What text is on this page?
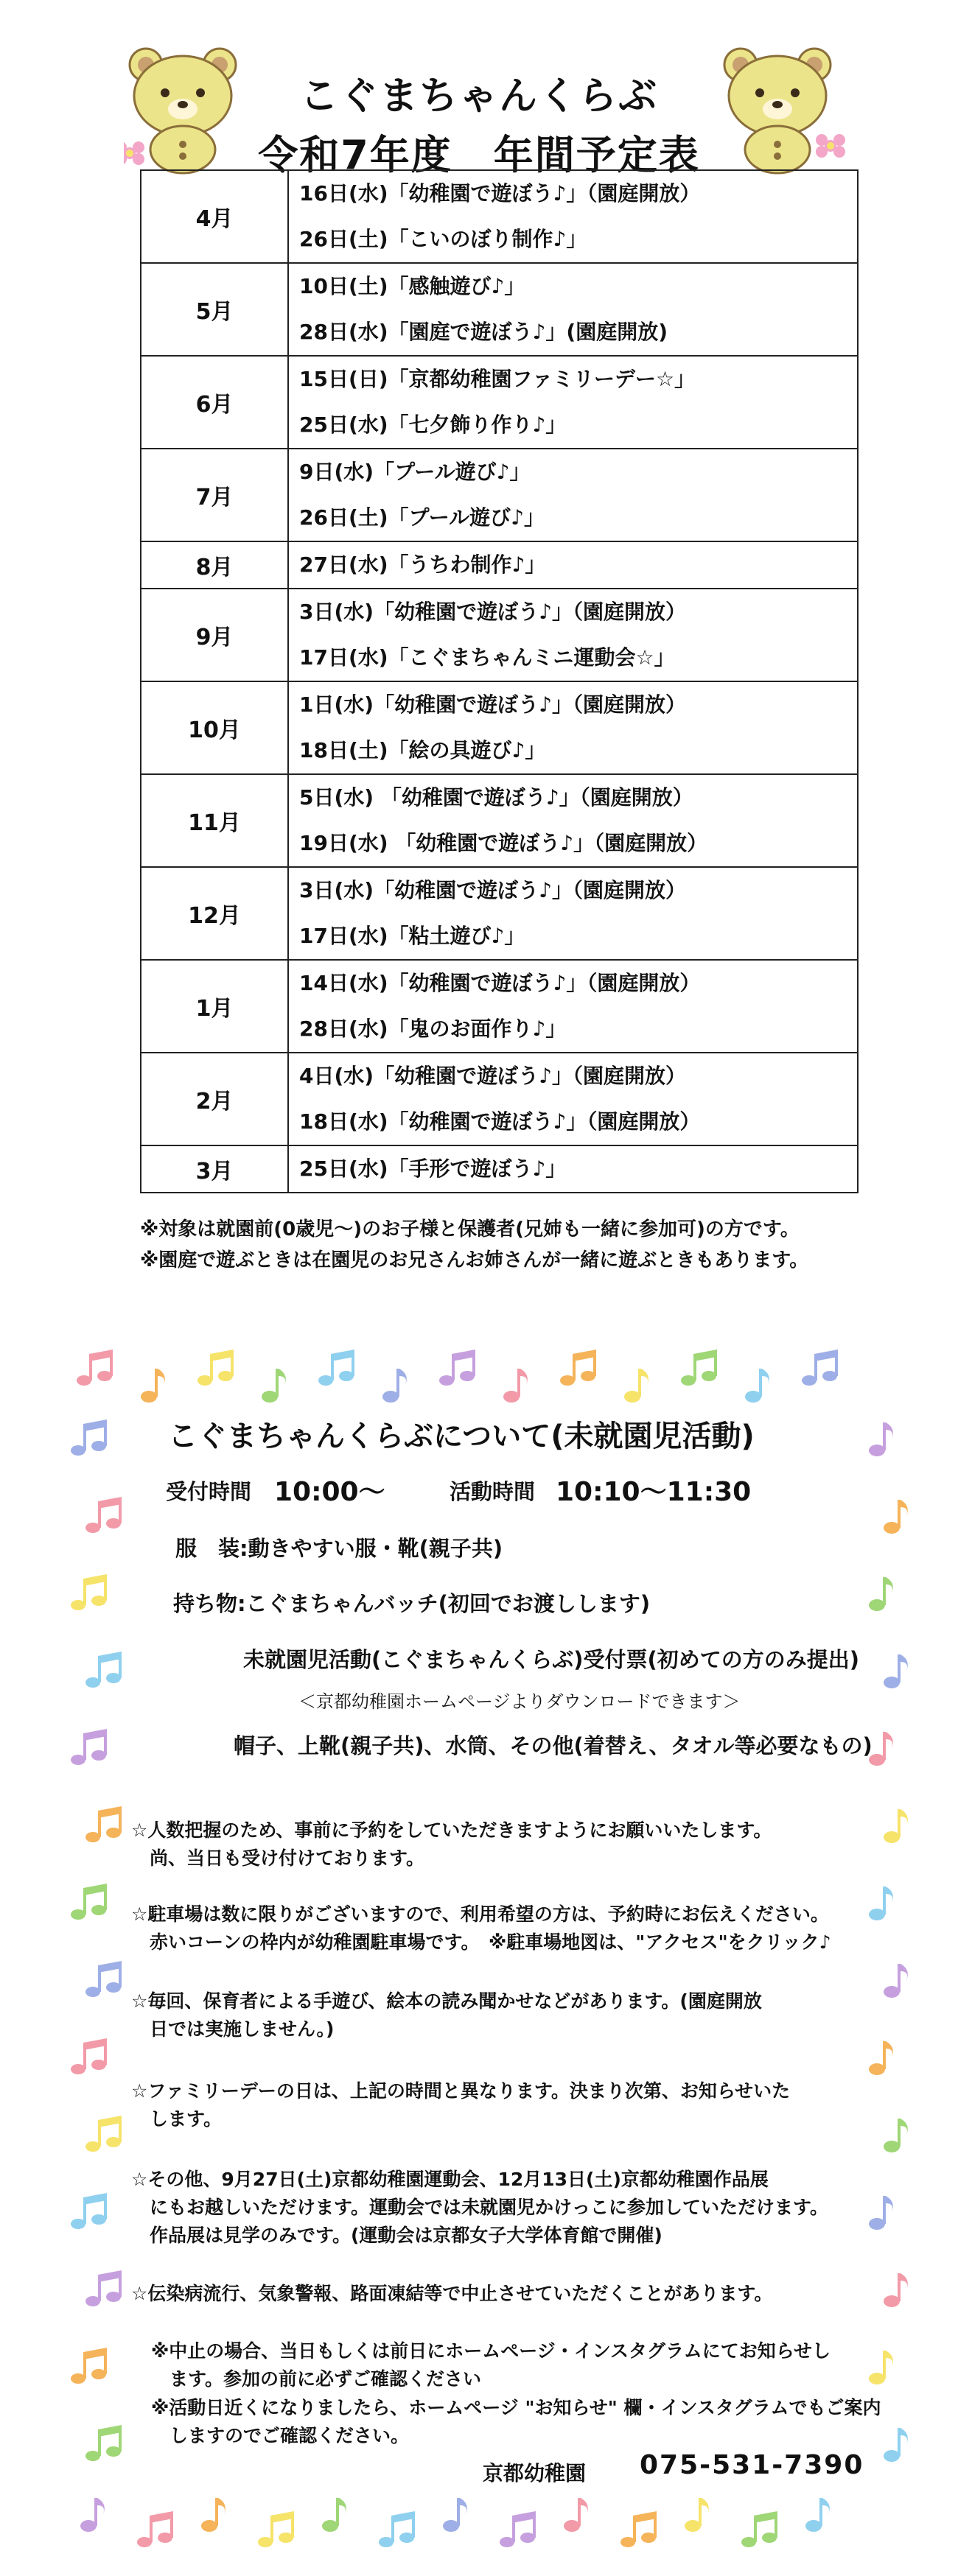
こぐまちゃんくらぶ
令和7年度　年間予定表
4月	16日(水)「幼稚園で遊ぼう♪」（園庭開放）
26日(土)「こいのぼり制作♪」

5月	10日(土)「感触遊び♪」
28日(水)「園庭で遊ぼう♪」(園庭開放)

6月	15日(日)「京都幼稚園ファミリーデー☆」
25日(水)「七夕飾り作り♪」

7月	9日(水)「プール遊び♪」
26日(土)「プール遊び♪」

8月	27日(水)「うちわ制作♪」

9月	3日(水)「幼稚園で遊ぼう♪」（園庭開放）
17日(水)「こぐまちゃんミニ運動会☆」

10月	1日(水)「幼稚園で遊ぼう♪」（園庭開放）
18日(土)「絵の具遊び♪」

11月	5日(水) 「幼稚園で遊ぼう♪」（園庭開放）
19日(水) 「幼稚園で遊ぼう♪」（園庭開放）

12月	3日(水)「幼稚園で遊ぼう♪」（園庭開放）
17日(水)「粘土遊び♪」

1月	14日(水)「幼稚園で遊ぼう♪」（園庭開放）
28日(水)「鬼のお面作り♪」

2月	4日(水)「幼稚園で遊ぼう♪」（園庭開放）
18日(水)「幼稚園で遊ぼう♪」（園庭開放）

3月	25日(水)「手形で遊ぼう♪」
※対象は就園前(0歳児～)のお子様と保護者(兄姉も一緒に参加可)の方です。
※園庭で遊ぶときは在園児のお兄さんお姉さんが一緒に遊ぶときもあります。
こぐまちゃんくらぶについて(未就園児活動)
受付時間 10:00～	活動時間 10:10～11:30
服　装:動きやすい服・靴(親子共)
持ち物:こぐまちゃんバッチ(初回でお渡しします)
未就園児活動(こぐまちゃんくらぶ)受付票(初めての方のみ提出)
＜京都幼稚園ホームページよりダウンロードできます＞
帽子、上靴(親子共)、水筒、その他(着替え、タオル等必要なもの)
☆人数把握のため、事前に予約をしていただきますようにお願いいたします。
　尚、当日も受け付けております。
☆駐車場は数に限りがございますので、利用希望の方は、予約時にお伝えください。
　赤いコーンの枠内が幼稚園駐車場です。　※駐車場地図は、"アクセス"をクリック♪
☆毎回、保育者による手遊び、絵本の読み聞かせなどがあります。(園庭開放
　日では実施しません。)
☆ファミリーデーの日は、上記の時間と異なります。決まり次第、お知らせいた
　します。
☆その他、9月27日(土)京都幼稚園運動会、12月13日(土)京都幼稚園作品展
　にもお越しいただけます。運動会では未就園児かけっこに参加していただけます。
　作品展は見学のみです。(運動会は京都女子大学体育館で開催)
☆伝染病流行、気象警報、路面凍結等で中止させていただくことがあります。
※中止の場合、当日もしくは前日にホームページ・インスタグラムにてお知らせし
　ます。参加の前に必ずご確認ください
※活動日近くになりましたら、ホームページ "お知らせ" 欄・インスタグラムでもご案内
　しますのでご確認ください。
京都幼稚園 075-531-7390
